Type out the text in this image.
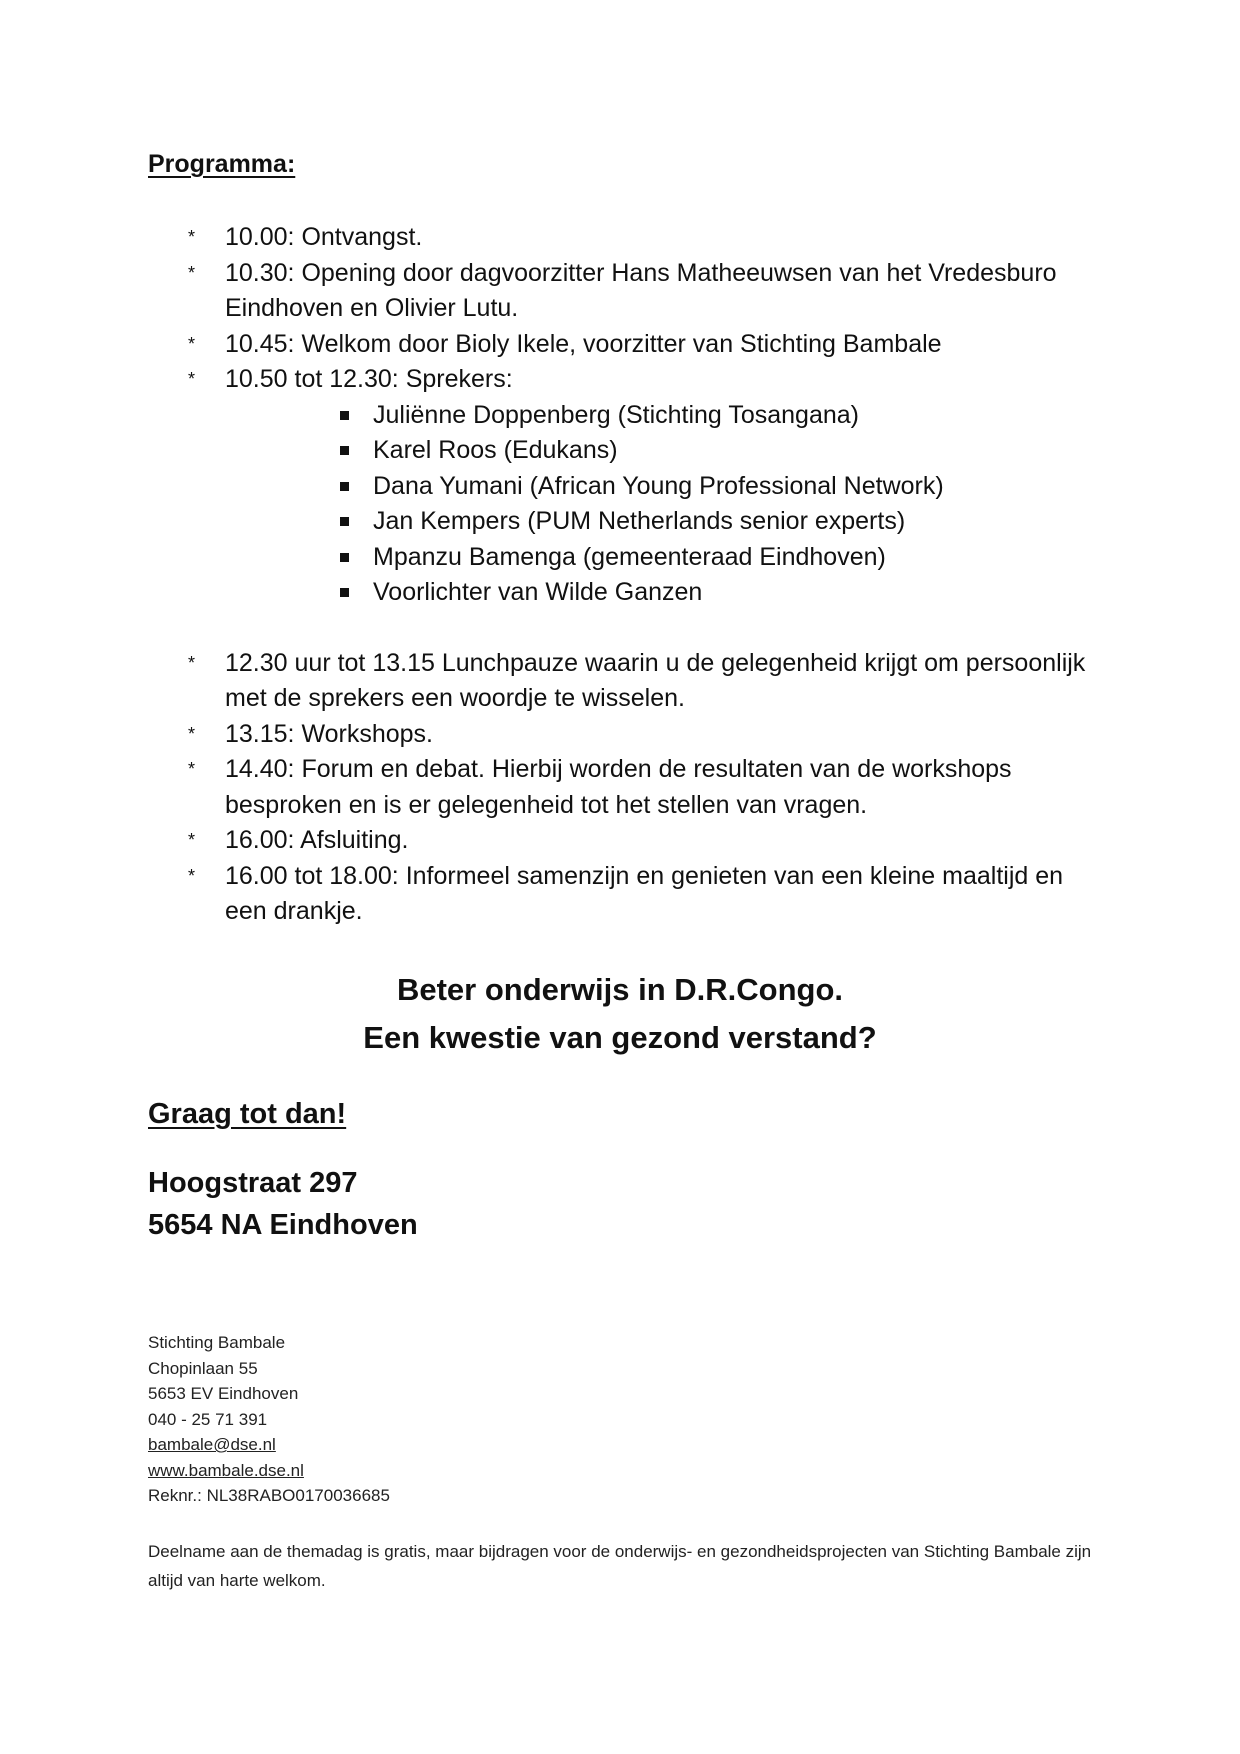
Programma:
*	10.00: Ontvangst.
*	10.30: Opening door dagvoorzitter Hans Matheeuwsen van het Vredesburo Eindhoven en Olivier Lutu.
*	10.45: Welkom door Bioly Ikele, voorzitter van Stichting Bambale
*	10.50 tot 12.30: Sprekers:
Juliënne Doppenberg (Stichting Tosangana)
Karel Roos (Edukans)
Dana Yumani (African Young Professional Network)
Jan Kempers (PUM Netherlands senior experts)
Mpanzu Bamenga (gemeenteraad Eindhoven)
Voorlichter van Wilde Ganzen
*	12.30 uur tot 13.15 Lunchpauze waarin u de gelegenheid krijgt om persoonlijk met de sprekers een woordje te wisselen.
*	13.15: Workshops.
*	14.40: Forum en debat. Hierbij worden de resultaten van de workshops besproken en is er gelegenheid tot het stellen van vragen.
*	16.00: Afsluiting.
*	16.00 tot 18.00: Informeel samenzijn en genieten van een kleine maaltijd en een drankje.
Beter onderwijs in D.R.Congo.
Een kwestie van gezond verstand?
Graag tot dan!
Hoogstraat 297
5654 NA Eindhoven
Stichting Bambale
Chopinlaan 55
5653 EV Eindhoven
040 - 25 71 391
bambale@dse.nl
www.bambale.dse.nl
Reknr.: NL38RABO0170036685
Deelname aan de themadag is gratis, maar bijdragen voor de onderwijs- en gezondheidsprojecten van Stichting Bambale zijn altijd van harte welkom.
